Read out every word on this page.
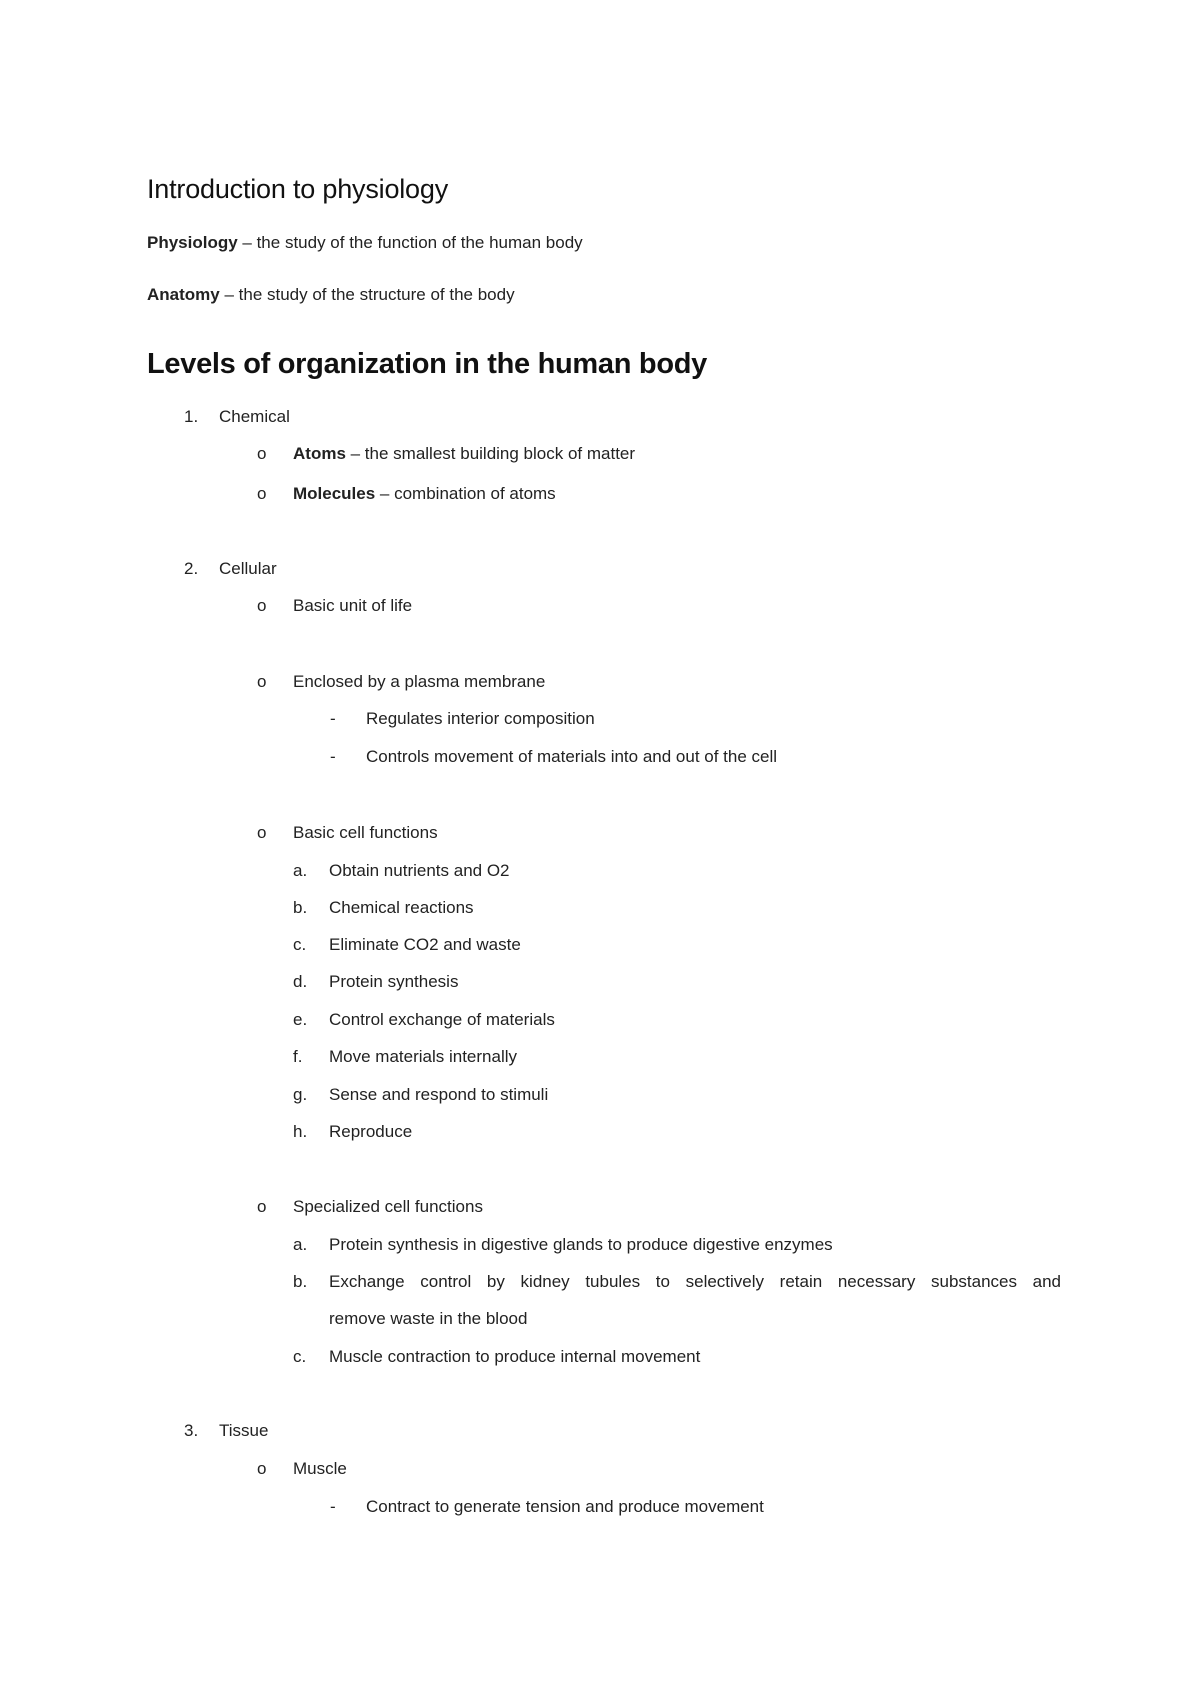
Introduction to physiology
Physiology – the study of the function of the human body
Anatomy – the study of the structure of the body
Levels of organization in the human body
1. Chemical
o Atoms – the smallest building block of matter
o Molecules – combination of atoms
2. Cellular
o Basic unit of life
o Enclosed by a plasma membrane
- Regulates interior composition
- Controls movement of materials into and out of the cell
o Basic cell functions
a. Obtain nutrients and O2
b. Chemical reactions
c. Eliminate CO2 and waste
d. Protein synthesis
e. Control exchange of materials
f. Move materials internally
g. Sense and respond to stimuli
h. Reproduce
o Specialized cell functions
a. Protein synthesis in digestive glands to produce digestive enzymes
b. Exchange control by kidney tubules to selectively retain necessary substances and
remove waste in the blood
c. Muscle contraction to produce internal movement
3. Tissue
o Muscle
- Contract to generate tension and produce movement
